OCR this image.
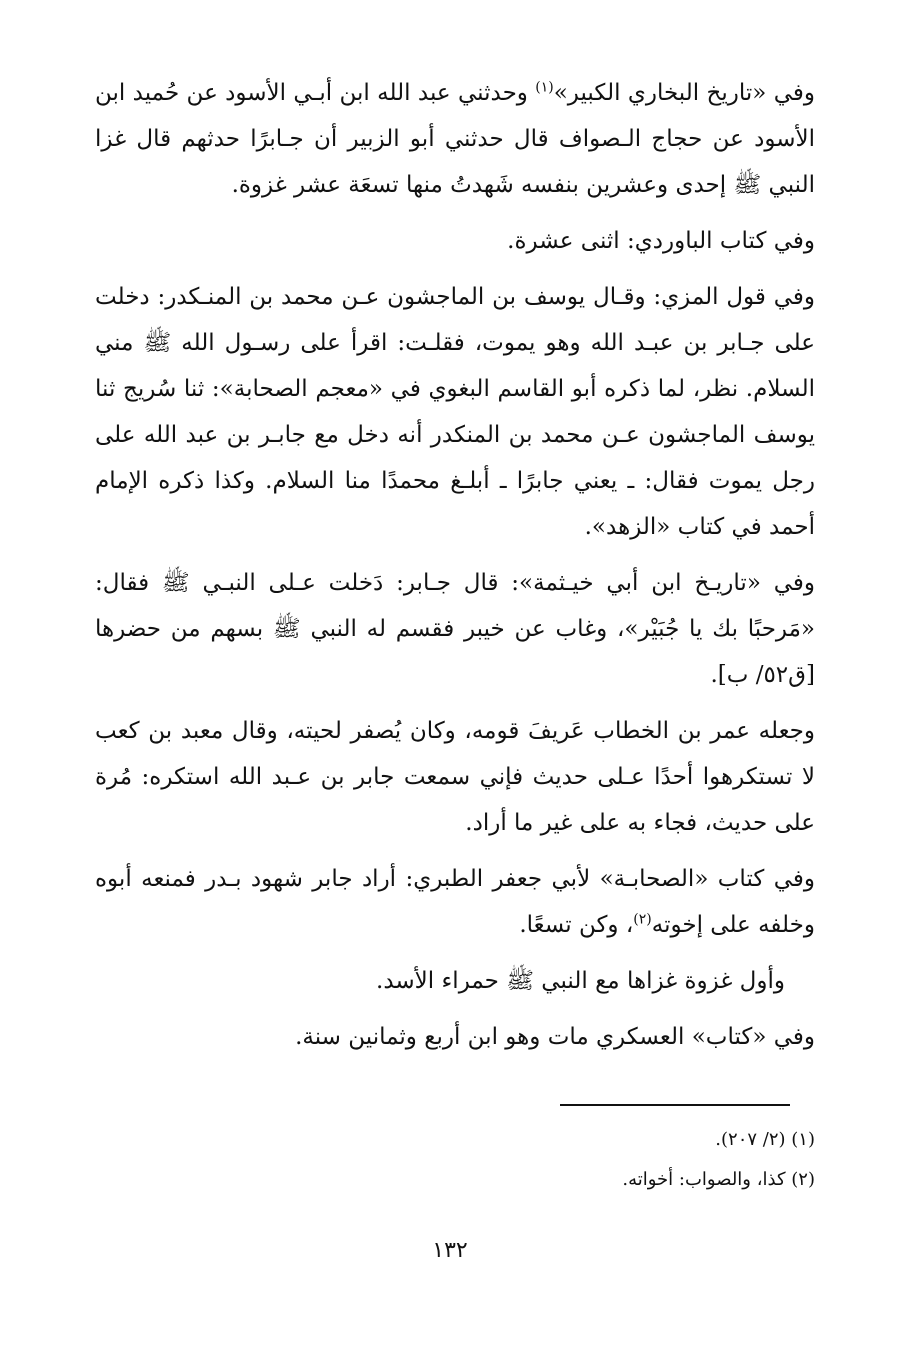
وفي «تاريخ البخاري الكبير»$^{(١)}$ وحدثني عبد الله ابن أبـي الأسود عن حُميد ابن الأسود عن حجاج الـصواف قال حدثني أبو الزبير أن جـابرًا حدثهم قال غزا النبي ﷺ إحدى وعشرين بنفسه شَهدتُ منها تسعَة عشر غزوة.

وفي كتاب الباوردي: اثنى عشرة.

وفي قول المزي: وقـال يوسف بن الماجشون عـن محمد بن المنـكدر: دخلت على جـابر بن عبـد الله وهو يموت، فقلـت: اقرأ على رسـول الله ﷺ مني السلام. نظر، لما ذكره أبو القاسم البغوي في «معجم الصحابة»: ثنا سُريج ثنا يوسف الماجشون عـن محمد بن المنكدر أنه دخل مع جابـر بن عبد الله على رجل يموت فقال: ـ يعني جابرًا ـ أبلـغ محمدًا منا السلام. وكذا ذكره الإمام أحمد في كتاب «الزهد».

وفي «تاريـخ ابن أبي خيـثمة»: قال جـابر: دَخلت عـلى النبـي ﷺ فقال: «مَرحبًا بك يا جُبَيْر»، وغاب عن خيبر فقسم له النبي ﷺ بسهم من حضرها [ق٥٢/ ب].

وجعله عمر بن الخطاب عَريفَ قومه، وكان يُصفر لحيته، وقال معبد بن كعب لا تستكرهوا أحدًا عـلى حديث فإني سمعت جابر بن عـبد الله استكره: مُرة على حديث، فجاء به على غير ما أراد.

وفي كتاب «الصحابـة» لأبي جعفر الطبري: أراد جابر شهود بـدر فمنعه أبوه وخلفه على إخوته$^{(٢)}$، وكن تسعًا.

وأول غزوة غزاها مع النبي ﷺ حمراء الأسد.

وفي «كتاب» العسكري مات وهو ابن أربع وثمانين سنة.

(١) (٢/ ٢٠٧).

(٢) كذا، والصواب: أخواته.

١٣٢
